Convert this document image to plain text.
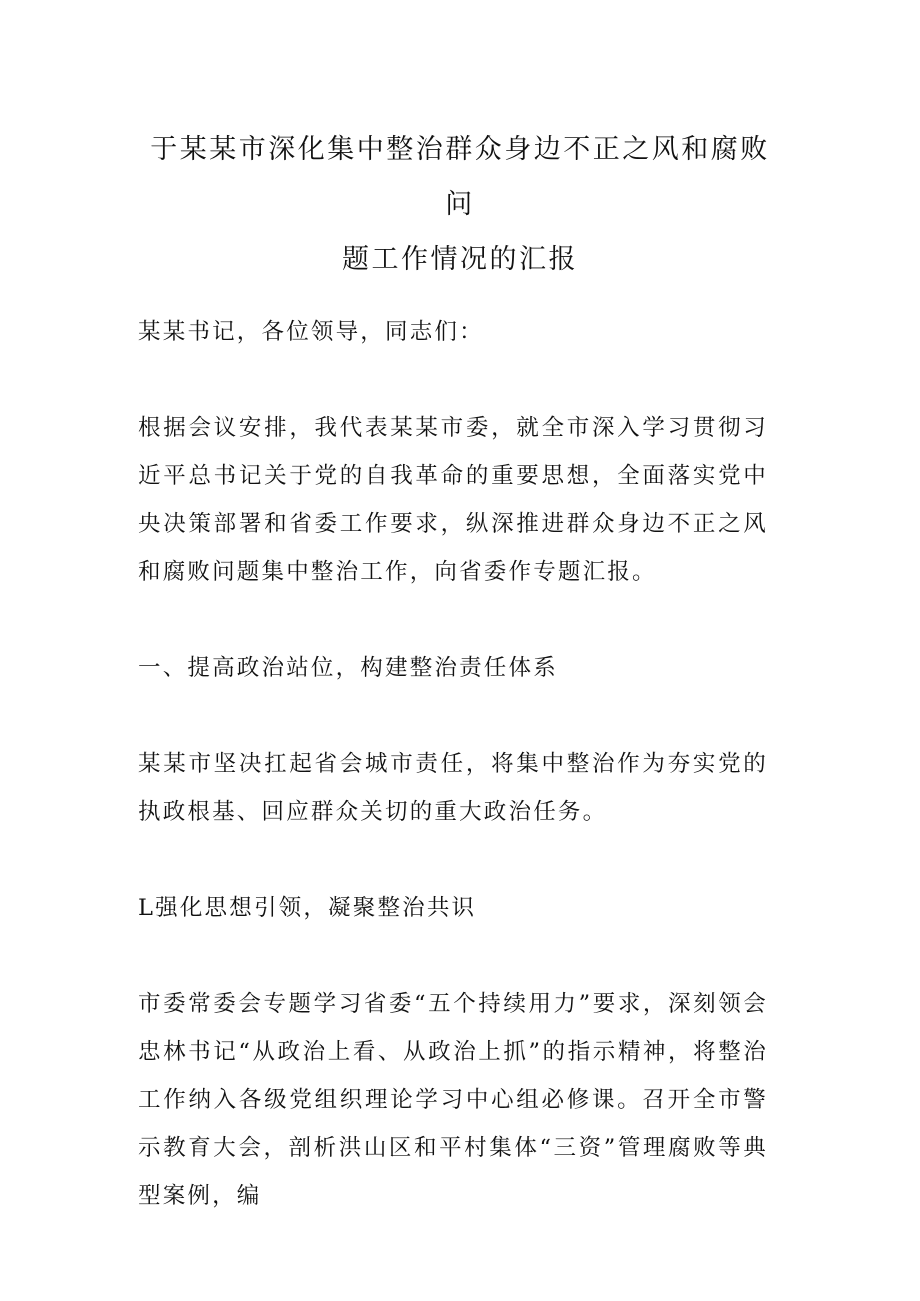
于某某市深化集中整治群众身边不正之风和腐败问
题工作情况的汇报

某某书记，各位领导，同志们：

根据会议安排，我代表某某市委，就全市深入学习贯彻习近平总书记关于党的自我革命的重要思想，全面落实党中央决策部署和省委工作要求，纵深推进群众身边不正之风和腐败问题集中整治工作，向省委作专题汇报。

一、提高政治站位，构建整治责任体系

某某市坚决扛起省会城市责任，将集中整治作为夯实党的执政根基、回应群众关切的重大政治任务。

L强化思想引领，凝聚整治共识

市委常委会专题学习省委“五个持续用力”要求，深刻领会忠林书记“从政治上看、从政治上抓”的指示精神，将整治工作纳入各级党组织理论学习中心组必修课。召开全市警示教育大会，剖析洪山区和平村集体“三资”管理腐败等典型案例，编
